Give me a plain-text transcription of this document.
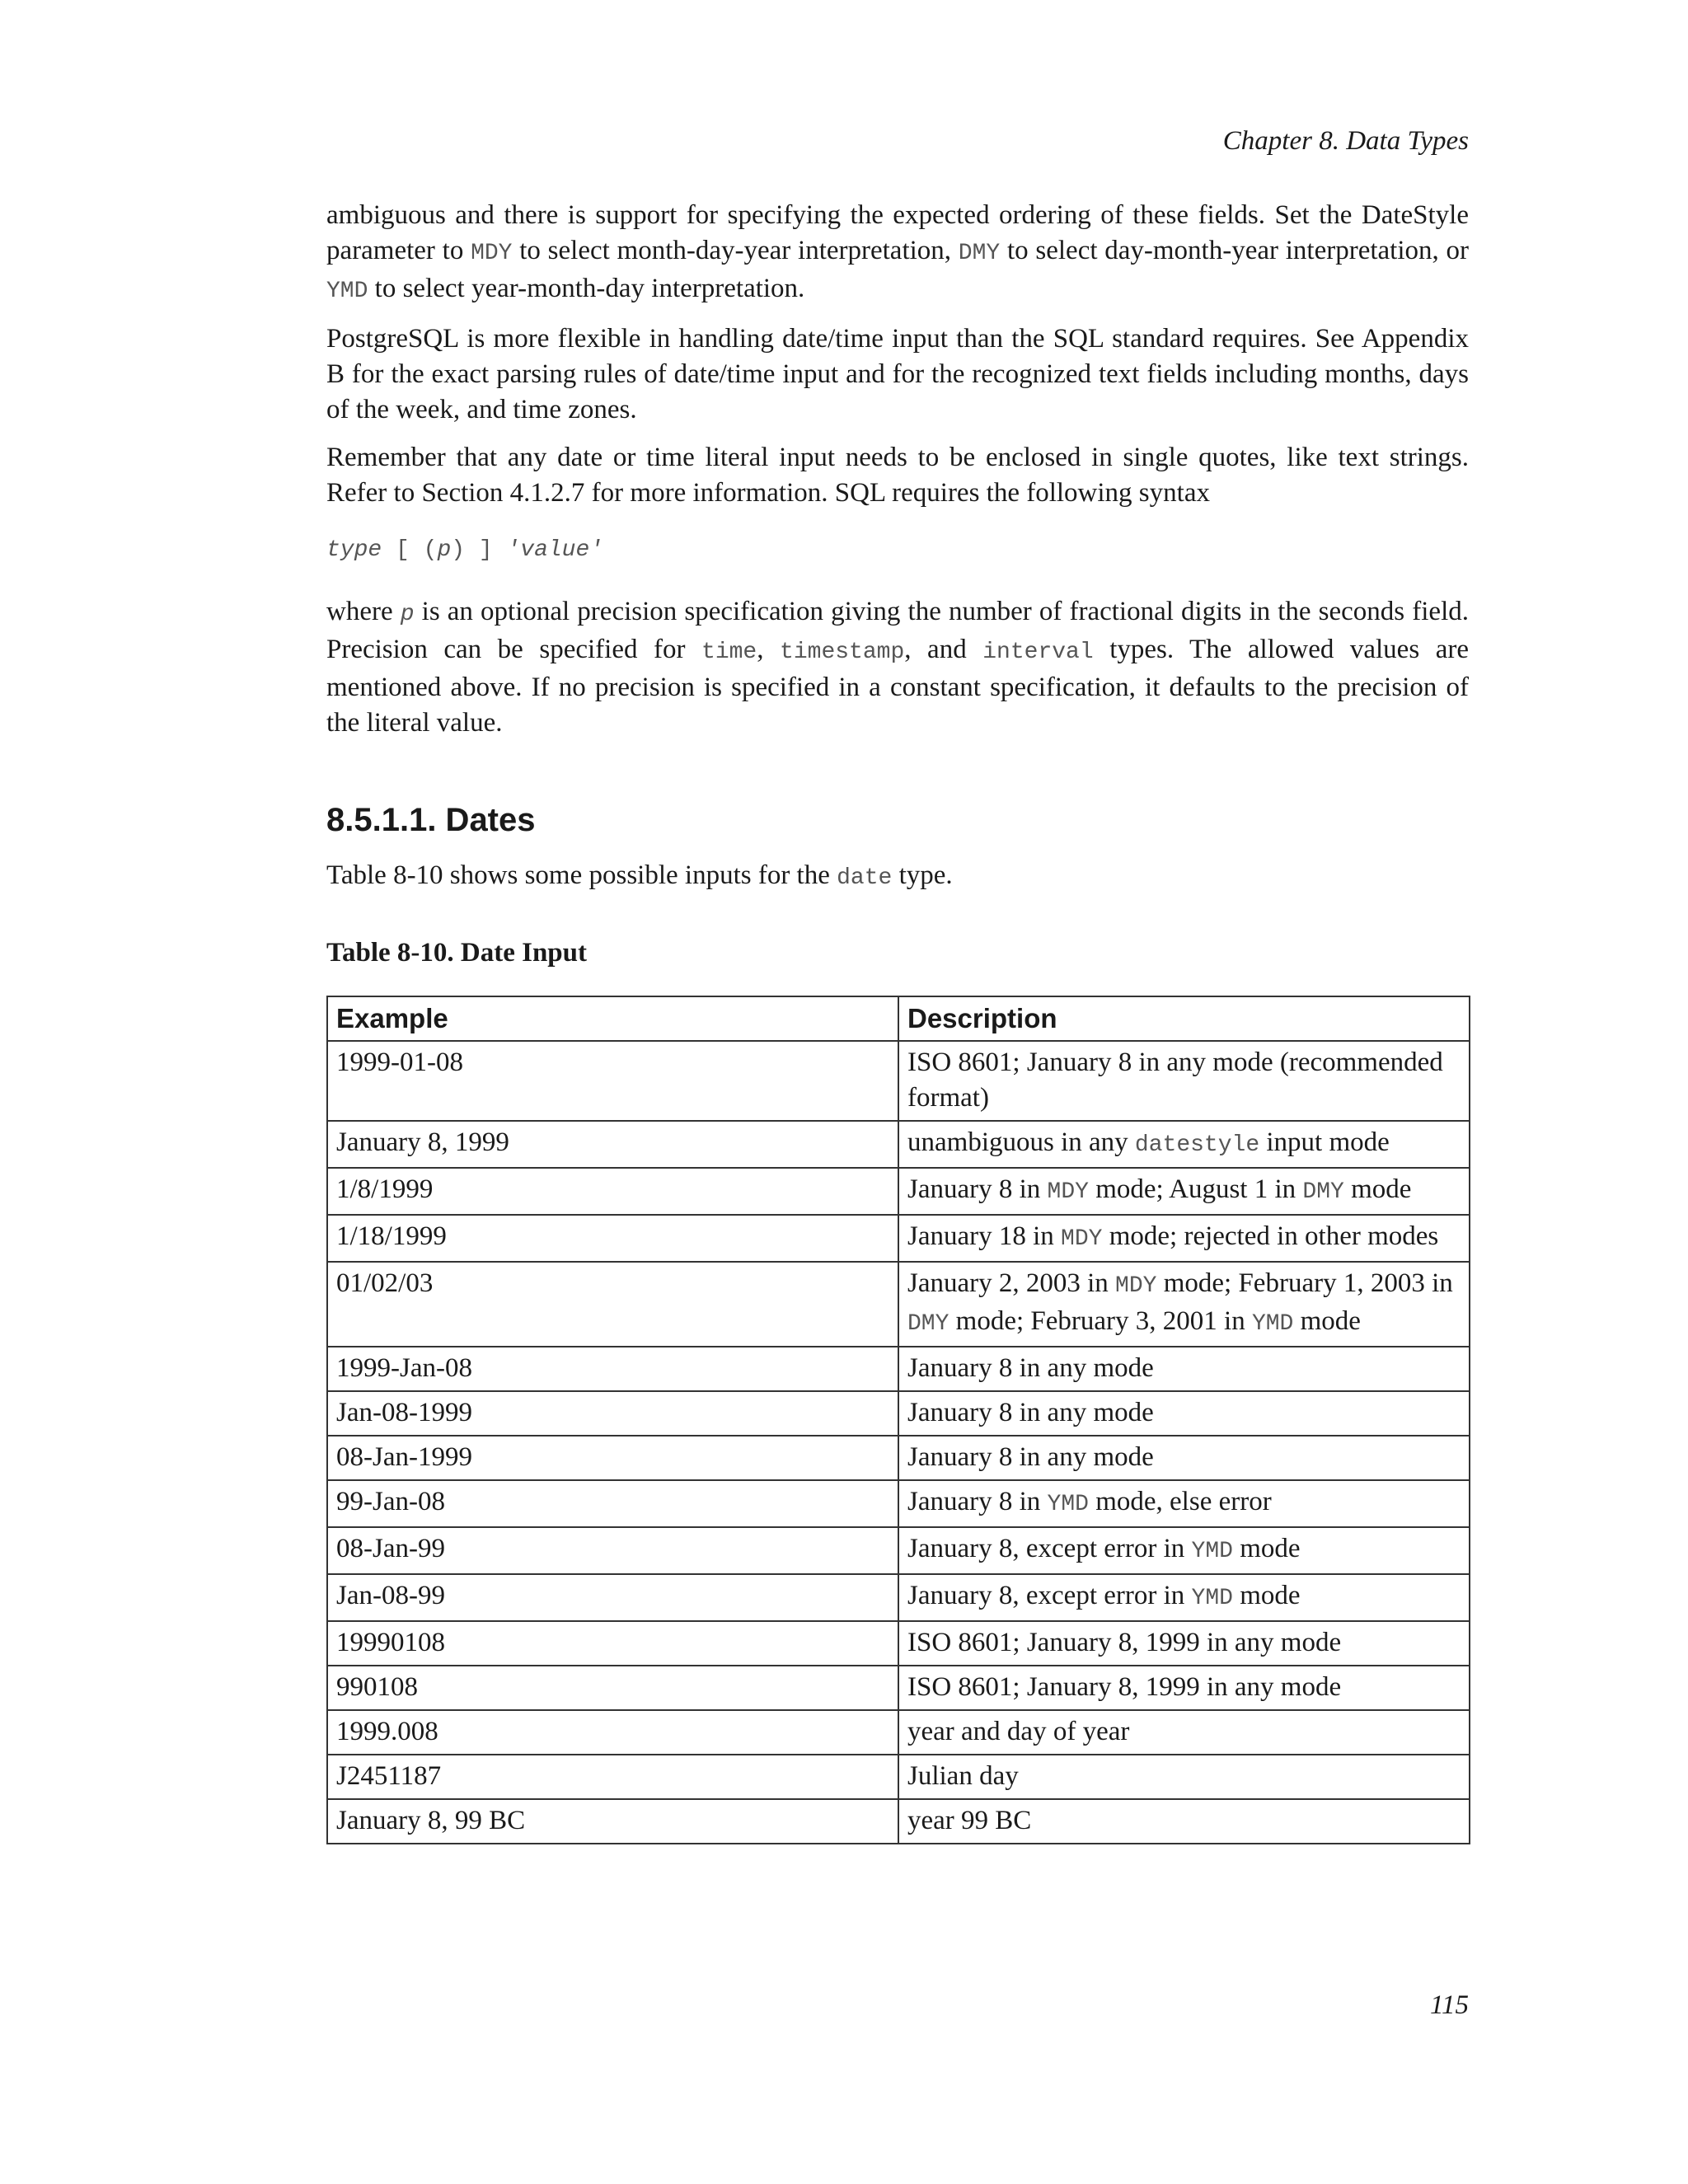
Chapter 8. Data Types

ambiguous and there is support for specifying the expected ordering of these fields. Set the DateStyle parameter to MDY to select month-day-year interpretation, DMY to select day-month-year interpretation, or YMD to select year-month-day interpretation.

PostgreSQL is more flexible in handling date/time input than the SQL standard requires. See Appendix B for the exact parsing rules of date/time input and for the recognized text fields including months, days of the week, and time zones.

Remember that any date or time literal input needs to be enclosed in single quotes, like text strings. Refer to Section 4.1.2.7 for more information. SQL requires the following syntax

type [ (p) ] 'value'

where p is an optional precision specification giving the number of fractional digits in the seconds field. Precision can be specified for time, timestamp, and interval types. The allowed values are mentioned above. If no precision is specified in a constant specification, it defaults to the precision of the literal value.

8.5.1.1. Dates

Table 8-10 shows some possible inputs for the date type.

Table 8-10. Date Input
Example	Description
1999-01-08	ISO 8601; January 8 in any mode (recommended format)
January 8, 1999	unambiguous in any datestyle input mode
1/8/1999	January 8 in MDY mode; August 1 in DMY mode
1/18/1999	January 18 in MDY mode; rejected in other modes
01/02/03	January 2, 2003 in MDY mode; February 1, 2003 in DMY mode; February 3, 2001 in YMD mode
1999-Jan-08	January 8 in any mode
Jan-08-1999	January 8 in any mode
08-Jan-1999	January 8 in any mode
99-Jan-08	January 8 in YMD mode, else error
08-Jan-99	January 8, except error in YMD mode
Jan-08-99	January 8, except error in YMD mode
19990108	ISO 8601; January 8, 1999 in any mode
990108	ISO 8601; January 8, 1999 in any mode
1999.008	year and day of year
J2451187	Julian day
January 8, 99 BC	year 99 BC
115
